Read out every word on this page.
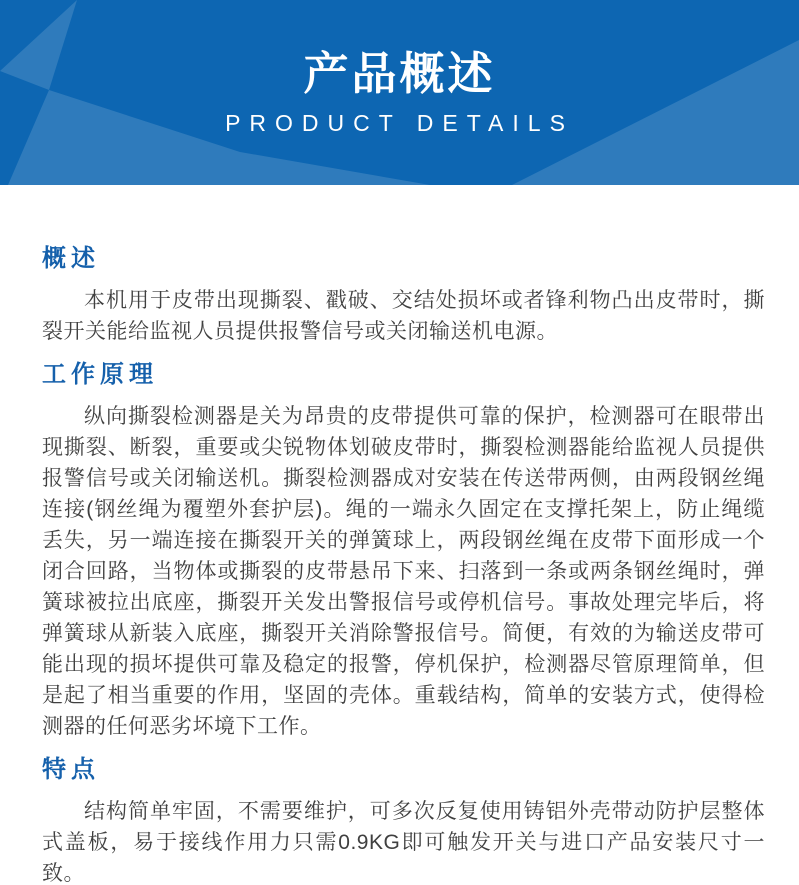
产品概述
PRODUCT DETAILS
概述

本机用于皮带出现撕裂、戳破、交结处损坏或者锋利物凸出皮带时，撕裂开关能给监视人员提供报警信号或关闭输送机电源。

工作原理

纵向撕裂检测器是关为昂贵的皮带提供可靠的保护，检测器可在眼带出现撕裂、断裂，重要或尖锐物体划破皮带时，撕裂检测器能给监视人员提供报警信号或关闭输送机。撕裂检测器成对安装在传送带两侧，由两段钢丝绳连接(钢丝绳为覆塑外套护层)。绳的一端永久固定在支撑托架上，防止绳缆丢失，另一端连接在撕裂开关的弹簧球上，两段钢丝绳在皮带下面形成一个闭合回路，当物体或撕裂的皮带悬吊下来、扫落到一条或两条钢丝绳时，弹簧球被拉出底座，撕裂开关发出警报信号或停机信号。事故处理完毕后，将弹簧球从新装入底座，撕裂开关消除警报信号。简便，有效的为输送皮带可能出现的损坏提供可靠及稳定的报警，停机保护，检测器尽管原理简单，但是起了相当重要的作用，坚固的壳体。重载结构，简单的安装方式，使得检测器的任何恶劣坏境下工作。

特点

结构简单牢固，不需要维护，可多次反复使用铸铝外壳带动防护层整体式盖板，易于接线作用力只需0.9KG即可触发开关与进口产品安装尺寸一致。
